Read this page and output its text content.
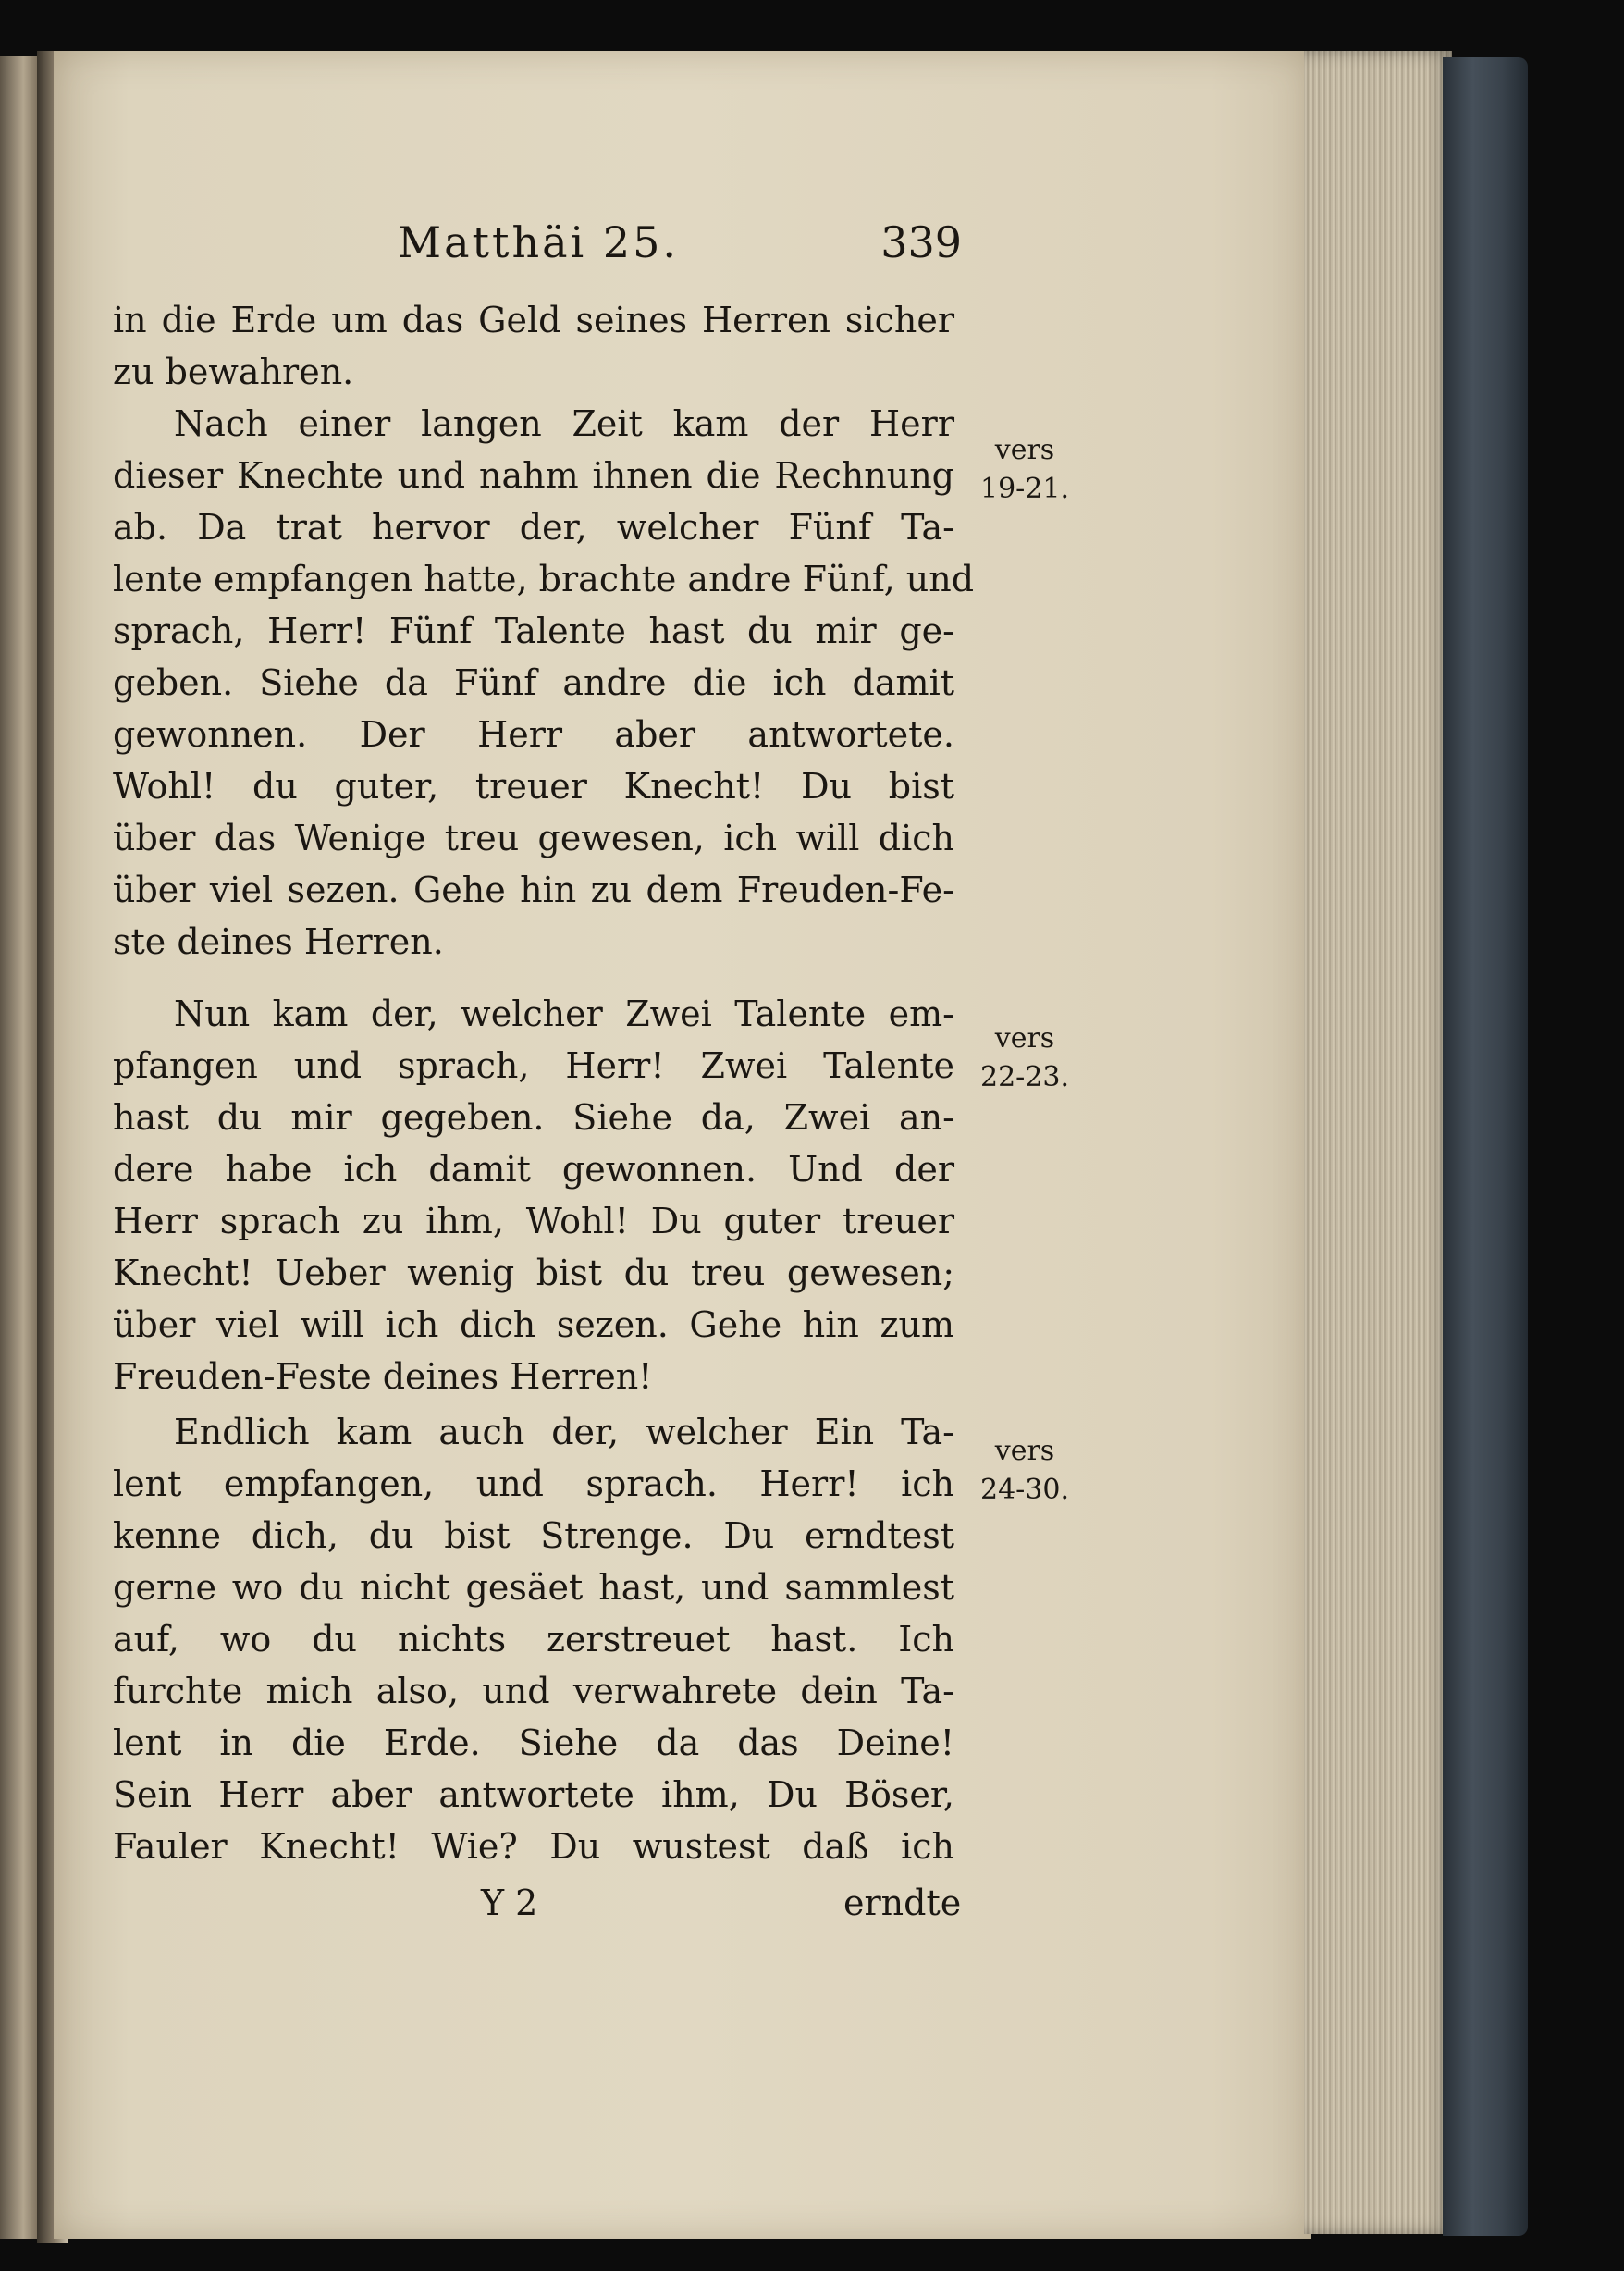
Matthäi 25.	339
in die Erde um das Geld seines Herren sicher
zu bewahren.
Nach einer langen Zeit kam der Herr
dieser Knechte und nahm ihnen die Rechnung
ab. Da trat hervor der, welcher Fünf Ta-
lente empfangen hatte, brachte andre Fünf, und
sprach, Herr! Fünf Talente hast du mir ge-
geben. Siehe da Fünf andre die ich damit
gewonnen. Der Herr aber antwortete.
Wohl! du guter, treuer Knecht! Du bist
über das Wenige treu gewesen, ich will dich
über viel sezen. Gehe hin zu dem Freuden-Fe-
ste deines Herren.
Nun kam der, welcher Zwei Talente em-
pfangen und sprach, Herr! Zwei Talente
hast du mir gegeben. Siehe da, Zwei an-
dere habe ich damit gewonnen. Und der
Herr sprach zu ihm, Wohl! Du guter treuer
Knecht! Ueber wenig bist du treu gewesen;
über viel will ich dich sezen. Gehe hin zum
Freuden-Feste deines Herren!
Endlich kam auch der, welcher Ein Ta-
lent empfangen, und sprach. Herr! ich
kenne dich, du bist Strenge. Du erndtest
gerne wo du nicht gesäet hast, und sammlest
auf, wo du nichts zerstreuet hast. Ich
furchte mich also, und verwahrete dein Ta-
lent in die Erde. Siehe da das Deine!
Sein Herr aber antwortete ihm, Du Böser,
Fauler Knecht! Wie? Du wustest daß ich
vers
19-21.
vers
22-23.
vers
24-30.
Y 2	erndte
